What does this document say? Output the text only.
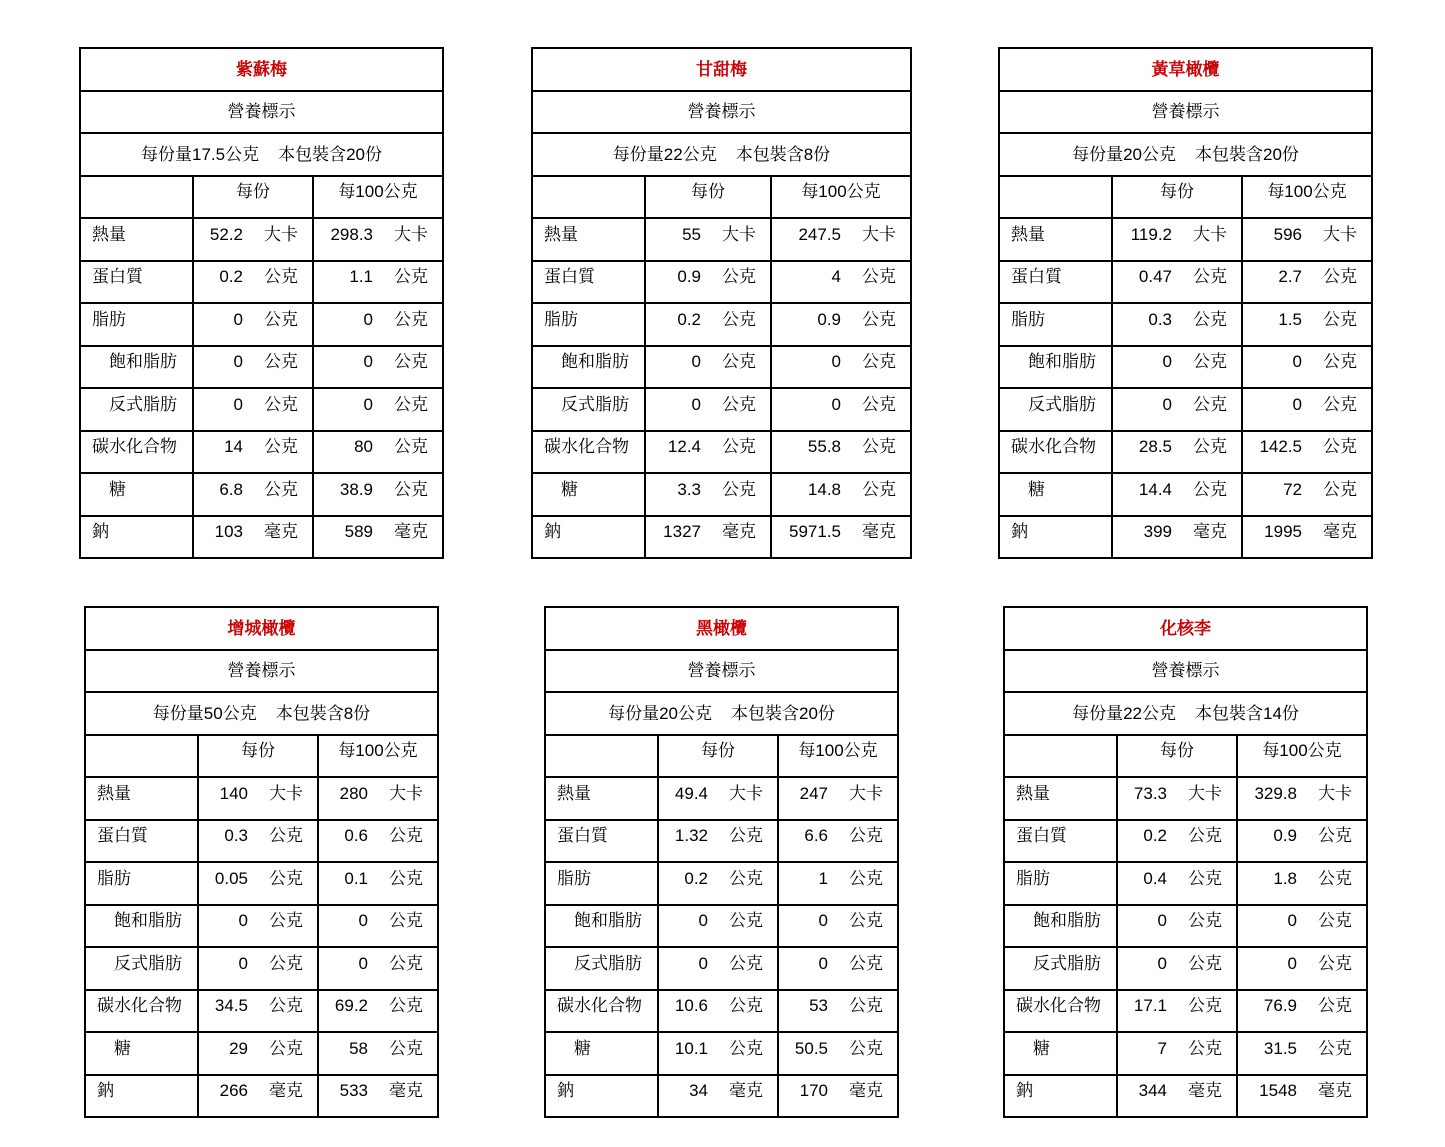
紫蘇梅
營養標示
每份量17.5公克 本包裝含20份
每份	每100公克
熱量	52.2 大卡 298.3 大卡
蛋白質	0.2 公克	1.1 公克
脂肪	0 公克	0 公克
飽和脂肪	0 公克	0 公克
反式脂肪	0 公克	0 公克
碳水化合物	14 公克	80 公克
糖	6.8 公克 38.9 公克
鈉	103 毫克	589 毫克
甘甜梅
營養標示
每份量22公克 本包裝含8份
每份	每100公克
熱量	55 大卡 247.5 大卡
蛋白質	0.9 公克	4 公克
脂肪	0.2 公克	0.9 公克
飽和脂肪	0 公克	0 公克
反式脂肪	0 公克	0 公克
碳水化合物	12.4 公克	55.8 公克
糖	3.3 公克	14.8 公克
鈉	1327 毫克 5971.5 毫克
黃草橄欖
營養標示
每份量20公克 本包裝含20份
每份	每100公克
熱量	119.2 大卡	596 大卡
蛋白質	0.47 公克	2.7 公克
脂肪	0.3 公克	1.5 公克
飽和脂肪	0 公克	0 公克
反式脂肪	0 公克	0 公克
碳水化合物	28.5 公克 142.5 公克
糖	14.4 公克	72 公克
鈉	399 毫克 1995 毫克
增城橄欖
營養標示
每份量50公克 本包裝含8份
每份	每100公克
熱量	140 大卡 280 大卡
蛋白質	0.3 公克 0.6 公克
脂肪	0.05 公克 0.1 公克
飽和脂肪	0 公克	0 公克
反式脂肪	0 公克	0 公克
碳水化合物	34.5 公克 69.2 公克
糖	29 公克	58 公克
鈉	266 毫克 533 毫克
黑橄欖
營養標示
每份量20公克 本包裝含20份
每份	每100公克
熱量	49.4 大卡 247 大卡
蛋白質	1.32 公克 6.6 公克
脂肪	0.2 公克	1 公克
飽和脂肪	0 公克	0 公克
反式脂肪	0 公克	0 公克
碳水化合物	10.6 公克	53 公克
糖	10.1 公克 50.5 公克
鈉	34 毫克 170 毫克
化核李
營養標示
每份量22公克 本包裝含14份
每份	每100公克
熱量	73.3 大卡 329.8 大卡
蛋白質	0.2 公克	0.9 公克
脂肪	0.4 公克	1.8 公克
飽和脂肪	0 公克	0 公克
反式脂肪	0 公克	0 公克
碳水化合物	17.1 公克 76.9 公克
糖	7 公克 31.5 公克
鈉	344 毫克 1548 毫克
